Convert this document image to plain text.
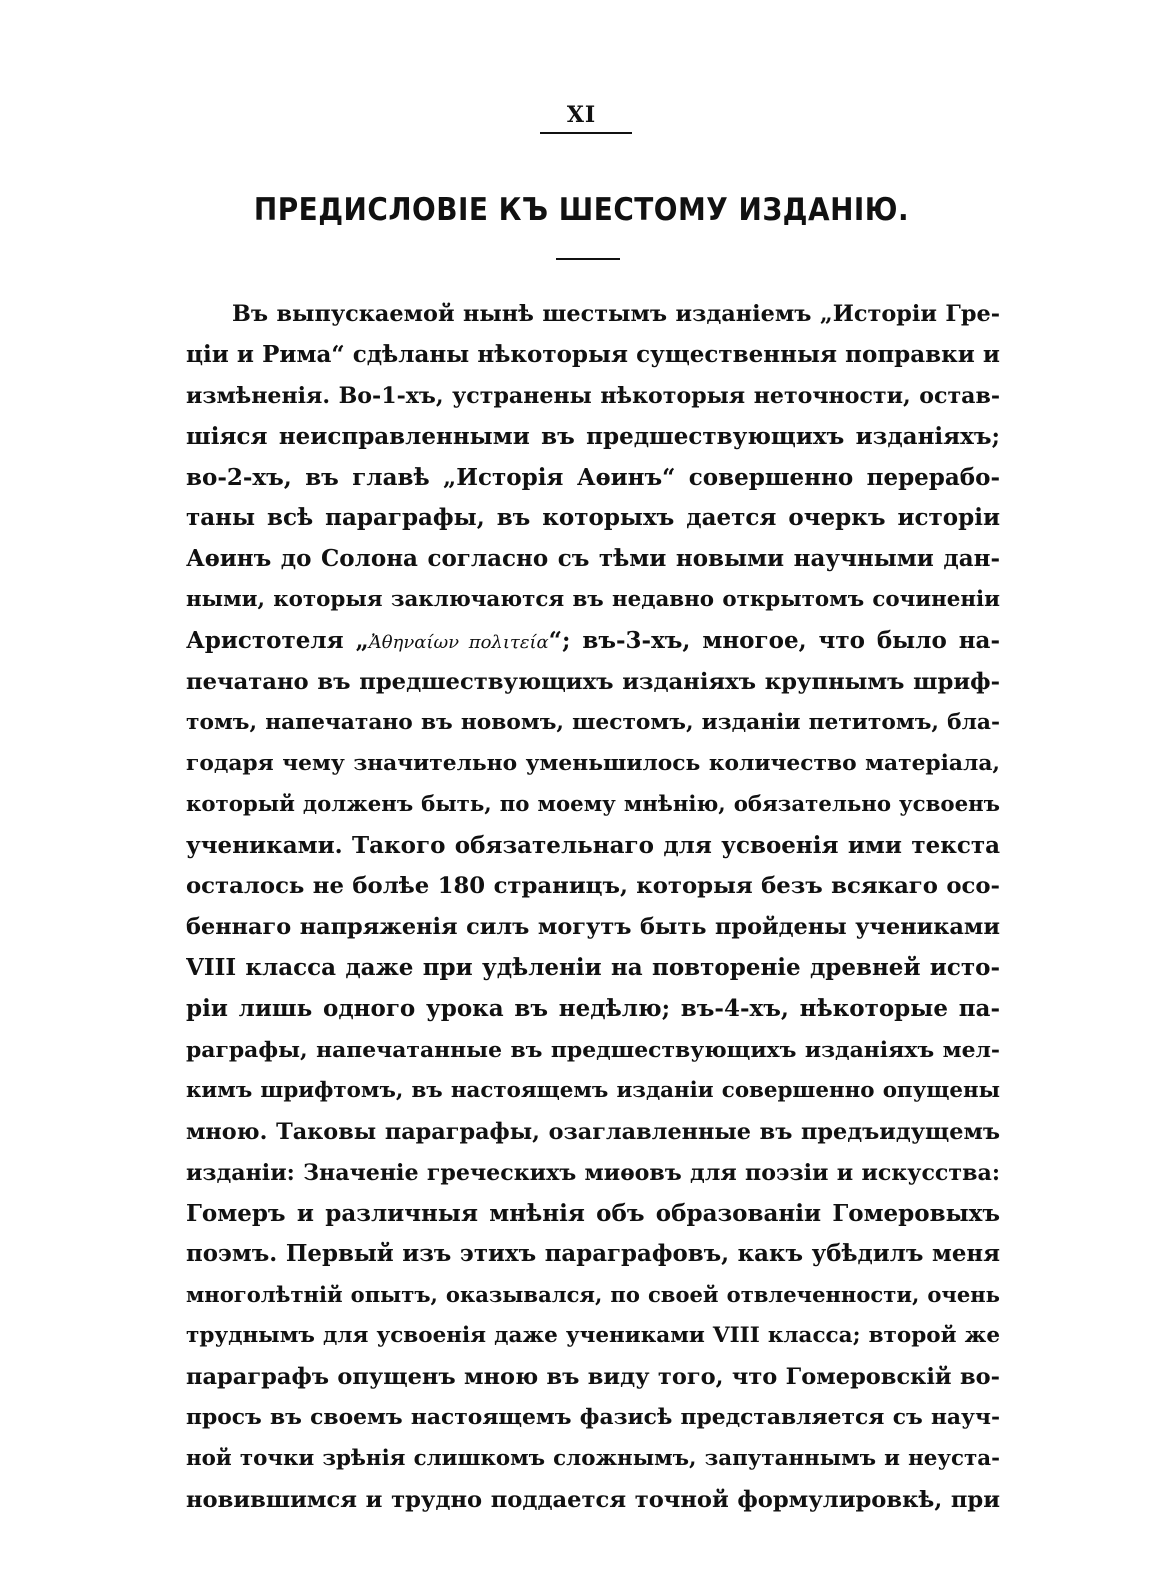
XI
ПРЕДИСЛОВІЕ КЪ ШЕСТОМУ ИЗДАНІЮ.
Въ выпускаемой нынѣ шестымъ изданіемъ „Исторіи Гре-
ціи и Рима“ сдѣланы нѣкоторыя существенныя поправки и
измѣненія. Во-1-хъ, устранены нѣкоторыя неточности, остав-
шіяся неисправленными въ предшествующихъ изданіяхъ;
во-2-хъ, въ главѣ „Исторія Аѳинъ“ совершенно перерабо-
таны всѣ параграфы, въ которыхъ дается очеркъ исторіи
Аѳинъ до Солона согласно съ тѣми новыми научными дан-
ными, которыя заключаются въ недавно открытомъ сочиненіи
Аристотеля „Ἀθηναίων πολιτεία“; въ-3-хъ, многое, что было на-
печатано въ предшествующихъ изданіяхъ крупнымъ шриф-
томъ, напечатано въ новомъ, шестомъ, изданіи петитомъ, бла-
годаря чему значительно уменьшилось количество матеріала,
который долженъ быть, по моему мнѣнію, обязательно усвоенъ
учениками. Такого обязательнаго для усвоенія ими текста
осталось не болѣе 180 страницъ, которыя безъ всякаго осо-
беннаго напряженія силъ могутъ быть пройдены учениками
VIII класса даже при удѣленіи на повтореніе древней исто-
ріи лишь одного урока въ недѣлю; въ-4-хъ, нѣкоторые па-
раграфы, напечатанные въ предшествующихъ изданіяхъ мел-
кимъ шрифтомъ, въ настоящемъ изданіи совершенно опущены
мною. Таковы параграфы, озаглавленные въ предъидущемъ
изданіи: Значеніе греческихъ миѳовъ для поэзіи и искусства:
Гомеръ и различныя мнѣнія объ образованіи Гомеровыхъ
поэмъ. Первый изъ этихъ параграфовъ, какъ убѣдилъ меня
многолѣтній опытъ, оказывался, по своей отвлеченности, очень
труднымъ для усвоенія даже учениками VIII класса; второй же
параграфъ опущенъ мною въ виду того, что Гомеровскій во-
просъ въ своемъ настоящемъ фазисѣ представляется съ науч-
ной точки зрѣнія слишкомъ сложнымъ, запутаннымъ и неуста-
новившимся и трудно поддается точной формулировкѣ, при
